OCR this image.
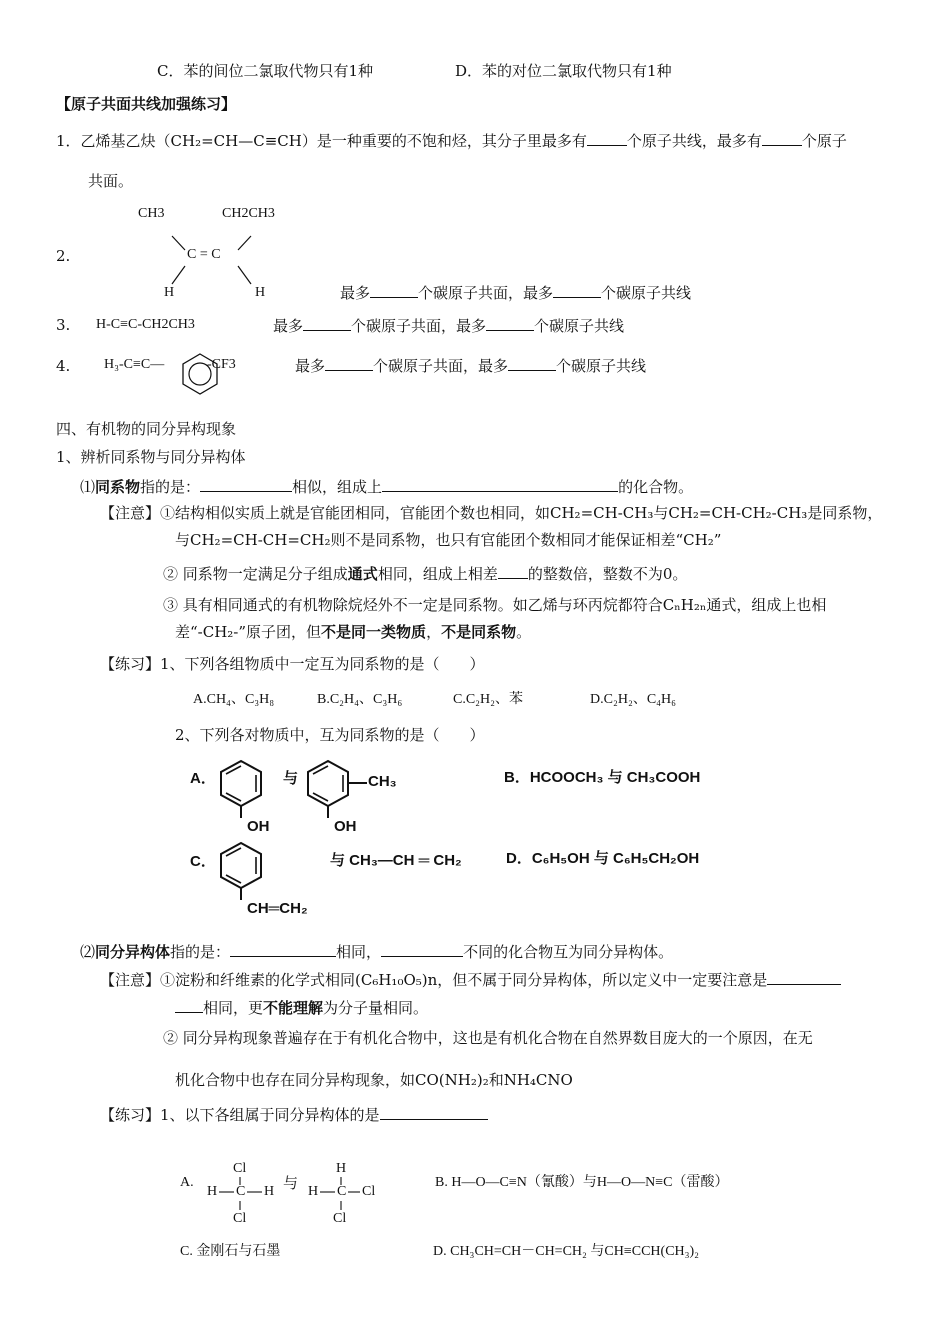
C．苯的间位二氯取代物只有1种	D．苯的对位二氯取代物只有1种
【原子共面共线加强练习】
1．乙烯基乙炔（CH₂=CH—C≡CH）是一种重要的不饱和烃，其分子里最多有	个原子共线，最多有	个原子
共面。
2.
CH3	CH2CH3
C = C
H	H	最多	个碳原子共面，最多	个碳原子共线
3. H-C≡C-CH2CH3	最多	个碳原子共面，最多	个碳原子共线
4. H₃-C≡C—	-CF3	最多	个碳原子共面，最多	个碳原子共线
四、有机物的同分异构现象
1、辨析同系物与同分异构体
⑴同系物指的是：	相似，组成上	的化合物。
【注意】①结构相似实质上就是官能团相同，官能团个数也相同，如CH₂=CH-CH₃与CH₂=CH-CH₂-CH₃是同系物，
与CH₂=CH-CH=CH₂则不是同系物，也只有官能团个数相同才能保证相差“CH₂”
② 同系物一定满足分子组成通式相同，组成上相差 的整数倍，整数不为0。
③ 具有相同通式的有机物除烷烃外不一定是同系物。如乙烯与环丙烷都符合CₙH₂ₙ通式，组成上也相
差“-CH₂-”原子团，但不是同一类物质，不是同系物。
【练习】1、下列各组物质中一定互为同系物的是（　　）
A.CH₄、C₃H₈	B.C₂H₄、C₃H₆	C.C₂H₂、苯	D.C₂H₂、C₄H₆
2、下列各对物质中，互为同系物的是（　　）
A．
OH
与	CH₃
OH
B．HCOOCH₃ 与 CH₃COOH
C．
CH═CH₂
与 CH₃—CH ═ CH₂	D．C₆H₅OH 与 C₆H₅CH₂OH
⑵同分异构体指的是：	相同，	不同的化合物互为同分异构体。
【注意】①淀粉和纤维素的化学式相同(C₆H₁₀O₅)n，但不属于同分异构体，所以定义中一定要注意是
相同，更不能理解为分子量相同。
② 同分异构现象普遍存在于有机化合物中，这也是有机化合物在自然界数目庞大的一个原因，在无
机化合物中也存在同分异构现象，如CO(NH₂)₂和NH₄CNO
【练习】1、以下各组属于同分异构体的是
A.
Cl
H C H
Cl
与
H
H C Cl
Cl
B. H—O—C≡N（氰酸）与H—O—N≡C（雷酸）
C. 金刚石与石墨	D. CH₃CH=CH－CH=CH₂ 与CH≡CCH(CH₃)₂
